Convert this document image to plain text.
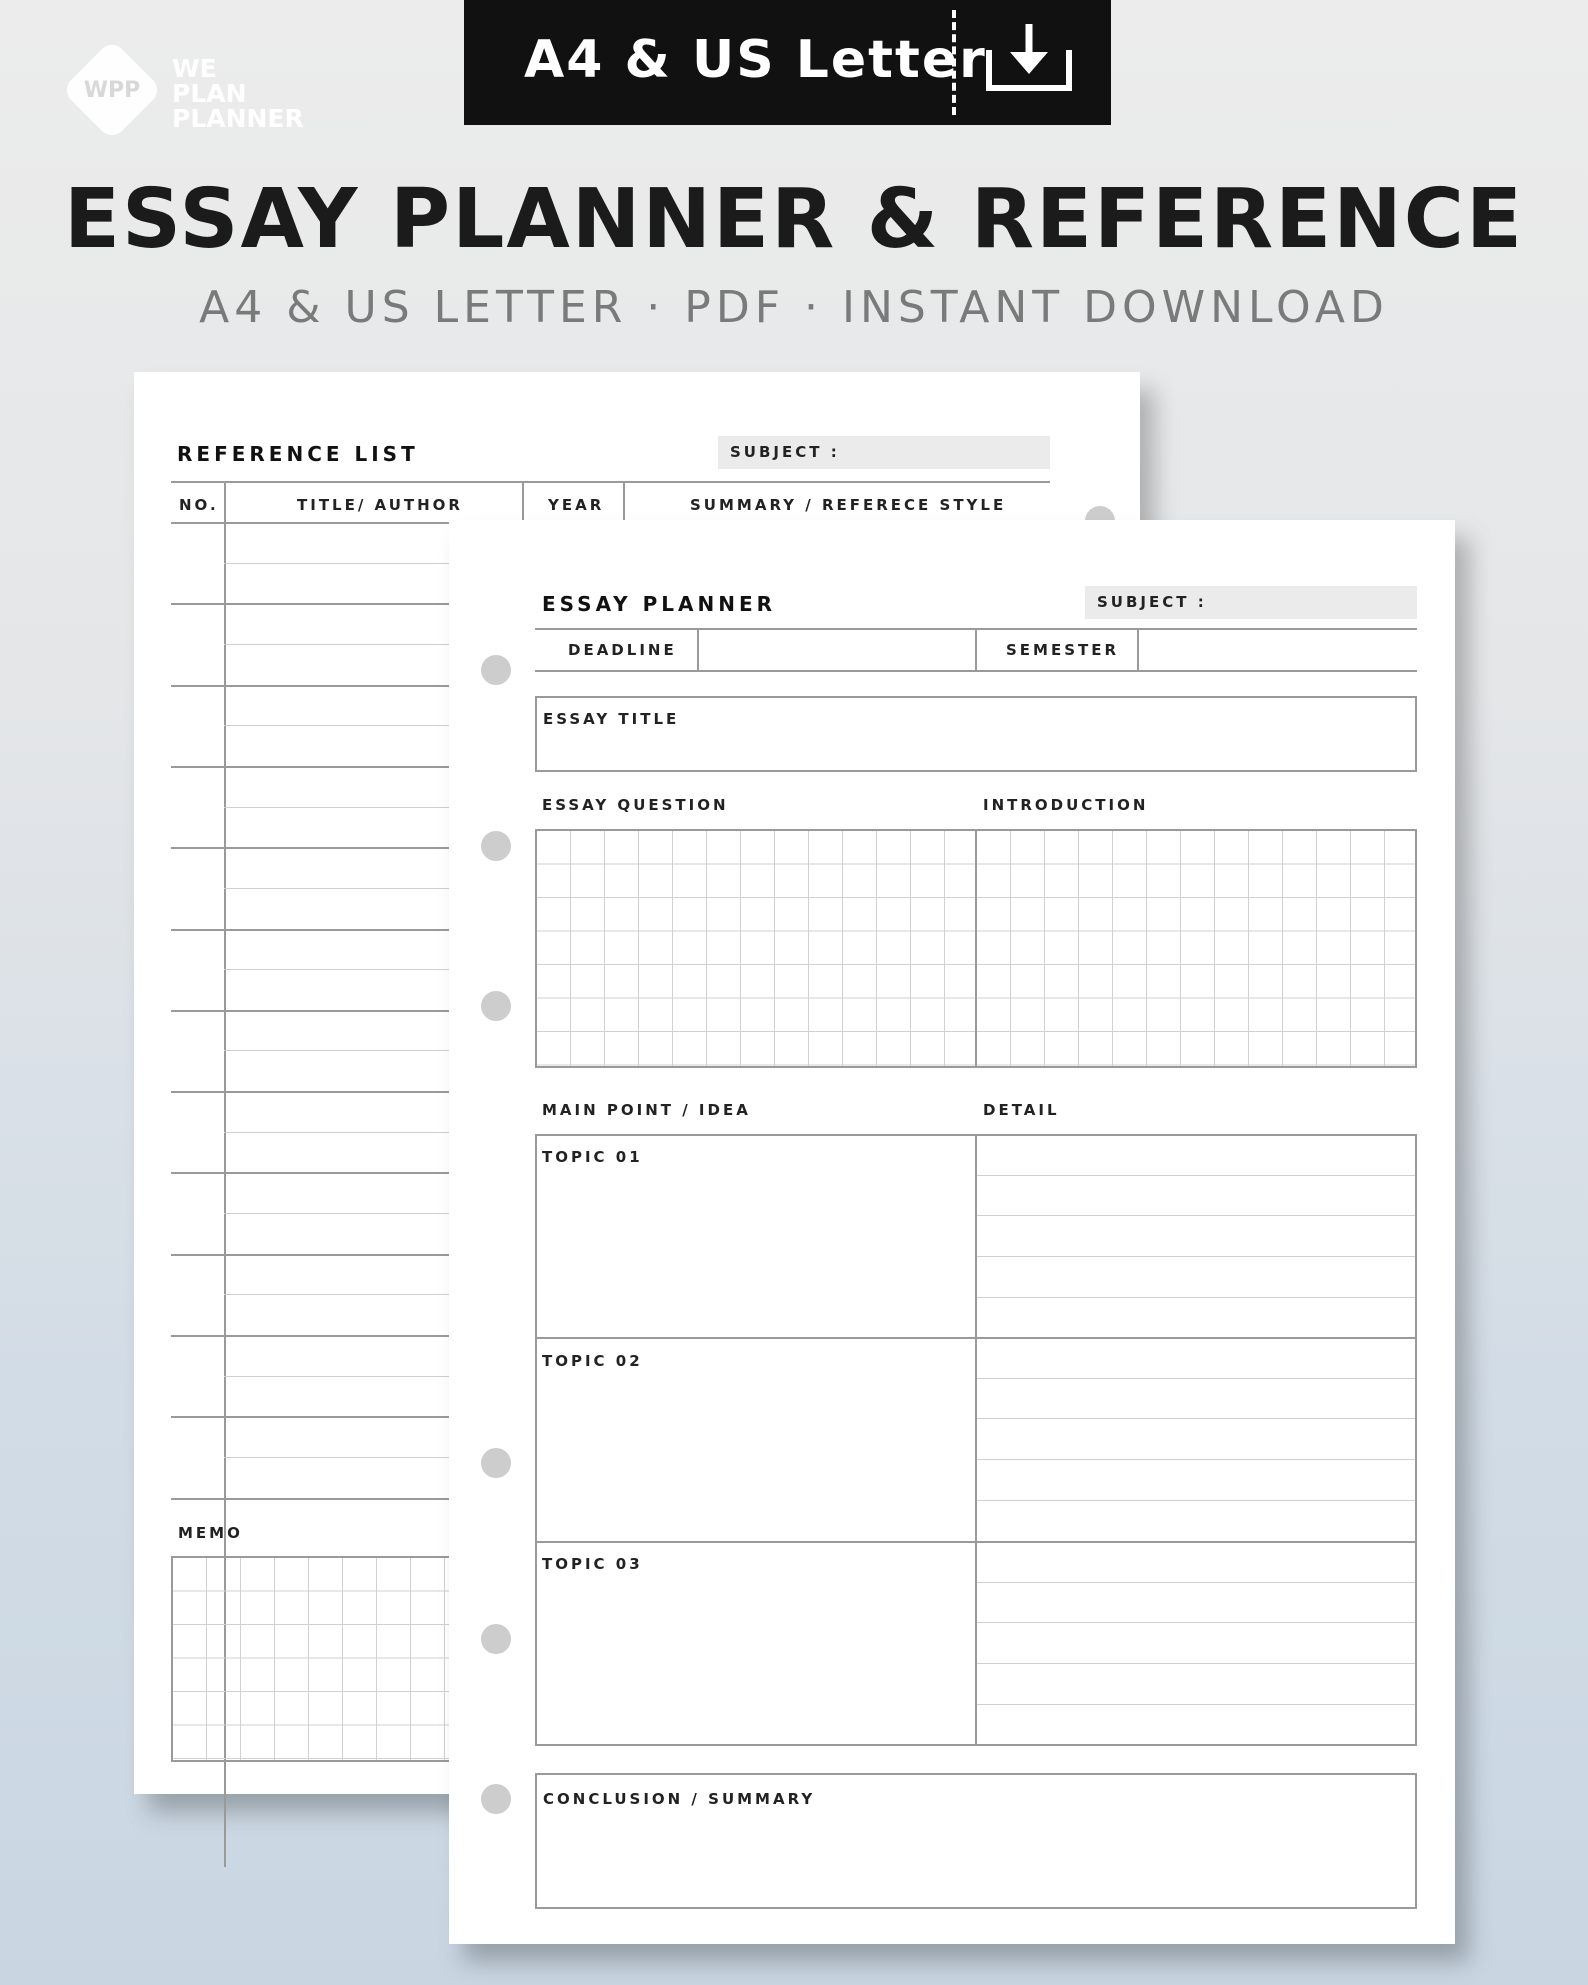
WPP
WE
PLAN
PLANNER
A4 & US Letter
ESSAY PLANNER & REFERENCE
A4 & US LETTER · PDF · INSTANT DOWNLOAD
REFERENCE LIST	SUBJECT :
NO.	TITLE/ AUTHOR	YEAR	SUMMARY / REFERECE STYLE
MEMO
ESSAY PLANNER	SUBJECT :
DEADLINE	SEMESTER
ESSAY TITLE
ESSAY QUESTION	INTRODUCTION
MAIN POINT / IDEA	DETAIL
TOPIC 01
TOPIC 02
TOPIC 03
CONCLUSION / SUMMARY
